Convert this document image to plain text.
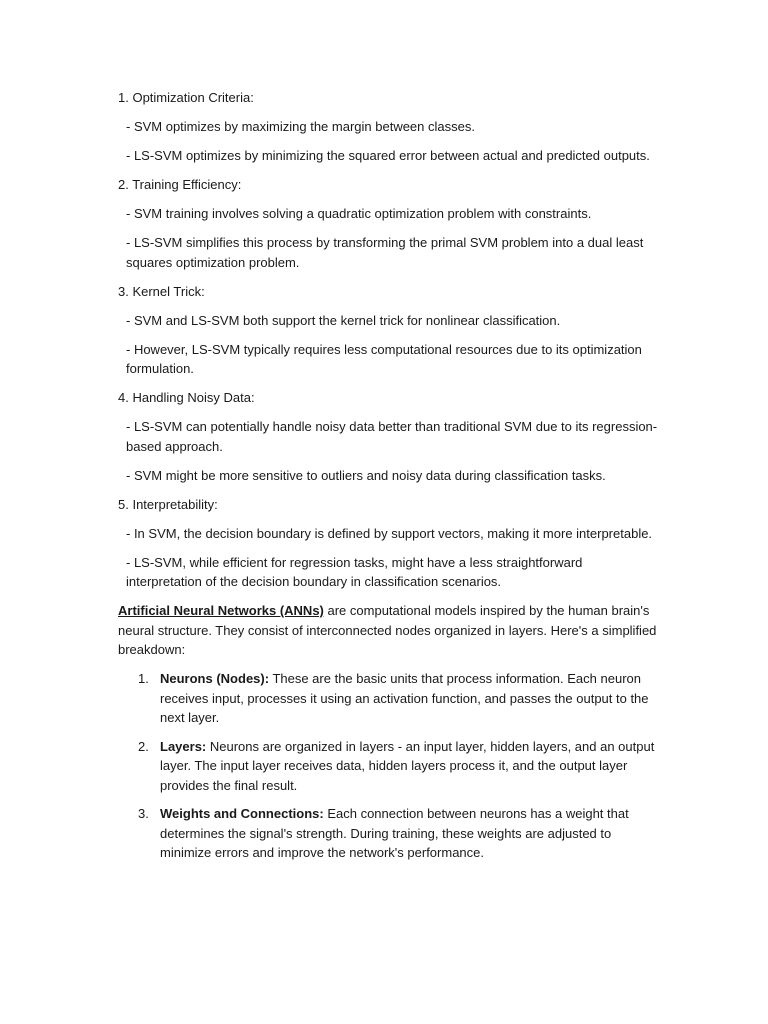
1. Optimization Criteria:
- SVM optimizes by maximizing the margin between classes.
- LS-SVM optimizes by minimizing the squared error between actual and predicted outputs.
2. Training Efficiency:
- SVM training involves solving a quadratic optimization problem with constraints.
- LS-SVM simplifies this process by transforming the primal SVM problem into a dual least squares optimization problem.
3. Kernel Trick:
- SVM and LS-SVM both support the kernel trick for nonlinear classification.
- However, LS-SVM typically requires less computational resources due to its optimization formulation.
4. Handling Noisy Data:
- LS-SVM can potentially handle noisy data better than traditional SVM due to its regression-based approach.
- SVM might be more sensitive to outliers and noisy data during classification tasks.
5. Interpretability:
- In SVM, the decision boundary is defined by support vectors, making it more interpretable.
- LS-SVM, while efficient for regression tasks, might have a less straightforward interpretation of the decision boundary in classification scenarios.
Artificial Neural Networks (ANNs) are computational models inspired by the human brain's neural structure. They consist of interconnected nodes organized in layers. Here's a simplified breakdown:
1. Neurons (Nodes): These are the basic units that process information. Each neuron receives input, processes it using an activation function, and passes the output to the next layer.
2. Layers: Neurons are organized in layers - an input layer, hidden layers, and an output layer. The input layer receives data, hidden layers process it, and the output layer provides the final result.
3. Weights and Connections: Each connection between neurons has a weight that determines the signal's strength. During training, these weights are adjusted to minimize errors and improve the network's performance.
